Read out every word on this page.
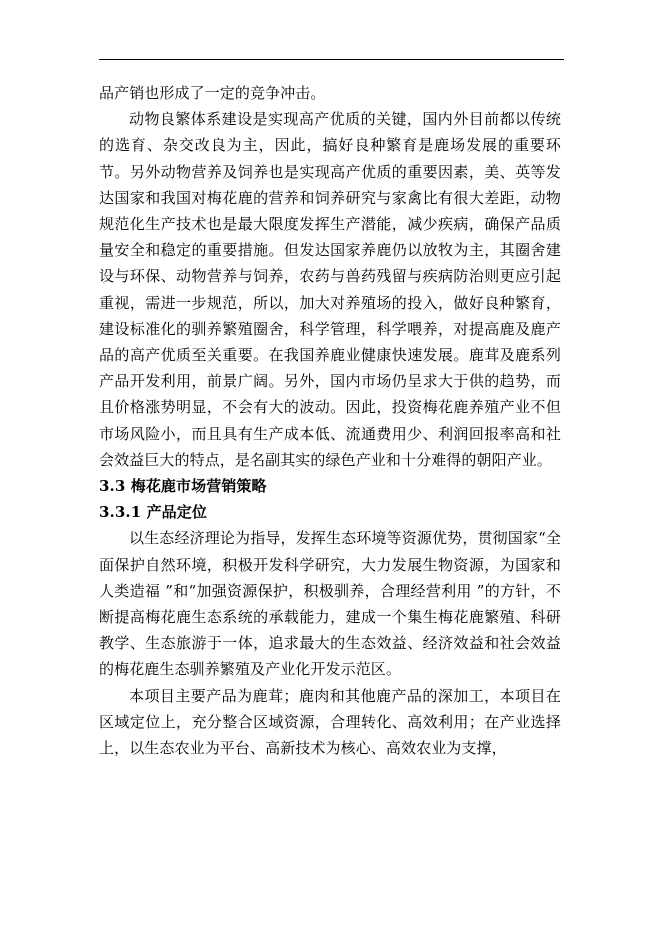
品产销也形成了一定的竞争冲击。

动物良繁体系建设是实现高产优质的关键，国内外目前都以传统的选育、杂交改良为主，因此，搞好良种繁育是鹿场发展的重要环节。另外动物营养及饲养也是实现高产优质的重要因素，美、英等发达国家和我国对梅花鹿的营养和饲养研究与家禽比有很大差距，动物规范化生产技术也是最大限度发挥生产潜能，减少疾病，确保产品质量安全和稳定的重要措施。但发达国家养鹿仍以放牧为主，其圈舍建设与环保、动物营养与饲养，农药与兽药残留与疾病防治则更应引起重视，需进一步规范，所以，加大对养殖场的投入，做好良种繁育，建设标准化的驯养繁殖圈舍，科学管理，科学喂养，对提高鹿及鹿产品的高产优质至关重要。在我国养鹿业健康快速发展。鹿茸及鹿系列产品开发利用，前景广阔。另外，国内市场仍呈求大于供的趋势，而且价格涨势明显，不会有大的波动。因此，投资梅花鹿养殖产业不但市场风险小，而且具有生产成本低、流通费用少、利润回报率高和社会效益巨大的特点，是名副其实的绿色产业和十分难得的朝阳产业。

3.3 梅花鹿市场营销策略

3.3.1 产品定位

以生态经济理论为指导，发挥生态环境等资源优势，贯彻国家“全面保护自然环境，积极开发科学研究，大力发展生物资源，为国家和人类造福 ”和“加强资源保护，积极驯养，合理经营利用 ”的方针，不断提高梅花鹿生态系统的承载能力，建成一个集生梅花鹿繁殖、科研教学、生态旅游于一体，追求最大的生态效益、经济效益和社会效益的梅花鹿生态驯养繁殖及产业化开发示范区。

本项目主要产品为鹿茸；鹿肉和其他鹿产品的深加工，本项目在区域定位上，充分整合区域资源，合理转化、高效利用；在产业选择上，以生态农业为平台、高新技术为核心、高效农业为支撑，
